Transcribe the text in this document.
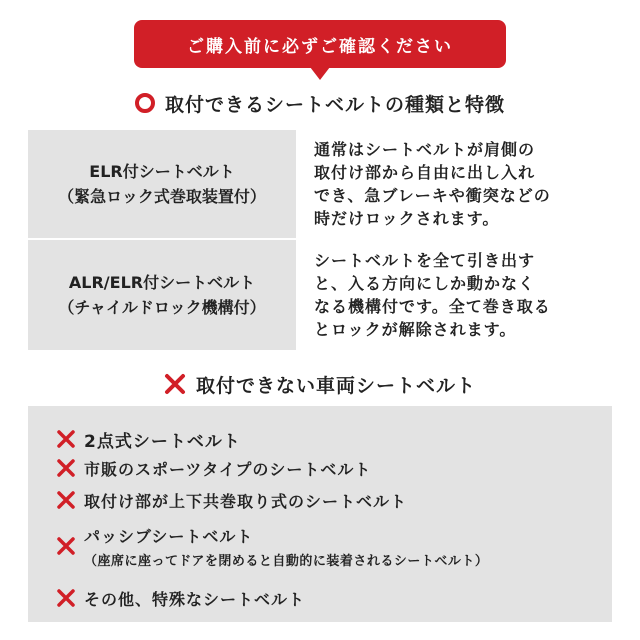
ご購入前に必ずご確認ください
取付できるシートベルトの種類と特徴
ELR付シートベルト
（緊急ロック式巻取装置付）
通常はシートベルトが肩側の
取付け部から自由に出し入れ
でき、急ブレーキや衝突などの
時だけロックされます。
ALR/ELR付シートベルト
（チャイルドロック機構付）
シートベルトを全て引き出す
と、入る方向にしか動かなく
なる機構付です。全て巻き取る
とロックが解除されます。
取付できない車両シートベルト
2点式シートベルト
市販のスポーツタイプのシートベルト
取付け部が上下共巻取り式のシートベルト
パッシブシートベルト
（座席に座ってドアを閉めると自動的に装着されるシートベルト）
その他、特殊なシートベルト
